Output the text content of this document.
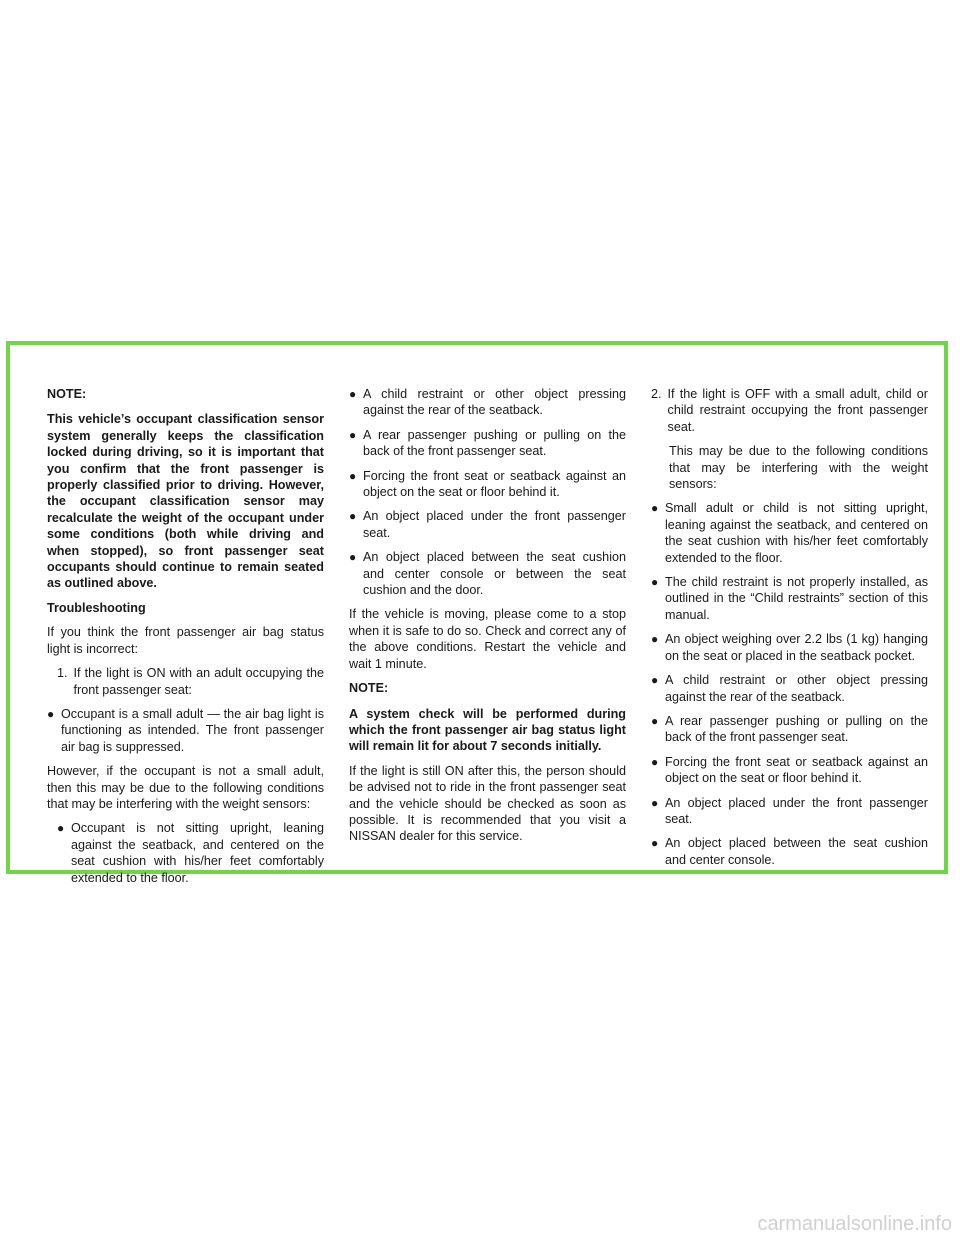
NOTE:

This vehicle’s occupant classification sensor system generally keeps the classification locked during driving, so it is important that you confirm that the front passenger is properly classified prior to driving. However, the occupant classification sensor may recalculate the weight of the occupant under some conditions (both while driving and when stopped), so front passenger seat occupants should continue to remain seated as outlined above.

Troubleshooting

If you think the front passenger air bag status light is incorrect:

1. If the light is ON with an adult occupying the front passenger seat:
● Occupant is a small adult — the air bag light is functioning as intended. The front passenger air bag is suppressed.

However, if the occupant is not a small adult, then this may be due to the following conditions that may be interfering with the weight sensors:

● Occupant is not sitting upright, leaning against the seatback, and centered on the seat cushion with his/her feet comfortably extended to the floor.
● A child restraint or other object pressing against the rear of the seatback.
● A rear passenger pushing or pulling on the back of the front passenger seat.
● Forcing the front seat or seatback against an object on the seat or floor behind it.
● An object placed under the front passenger seat.
● An object placed between the seat cushion and center console or between the seat cushion and the door.

If the vehicle is moving, please come to a stop when it is safe to do so. Check and correct any of the above conditions. Restart the vehicle and wait 1 minute.

NOTE:

A system check will be performed during which the front passenger air bag status light will remain lit for about 7 seconds initially.

If the light is still ON after this, the person should be advised not to ride in the front passenger seat and the vehicle should be checked as soon as possible. It is recommended that you visit a NISSAN dealer for this service.

2. If the light is OFF with a small adult, child or child restraint occupying the front passenger seat.

This may be due to the following conditions that may be interfering with the weight sensors:

● Small adult or child is not sitting upright, leaning against the seatback, and centered on the seat cushion with his/her feet comfortably extended to the floor.
● The child restraint is not properly installed, as outlined in the “Child restraints” section of this manual.
● An object weighing over 2.2 lbs (1 kg) hanging on the seat or placed in the seatback pocket.
● A child restraint or other object pressing against the rear of the seatback.
● A rear passenger pushing or pulling on the back of the front passenger seat.
● Forcing the front seat or seatback against an object on the seat or floor behind it.
● An object placed under the front passenger seat.
● An object placed between the seat cushion and center console.
carmanualsonline.info
